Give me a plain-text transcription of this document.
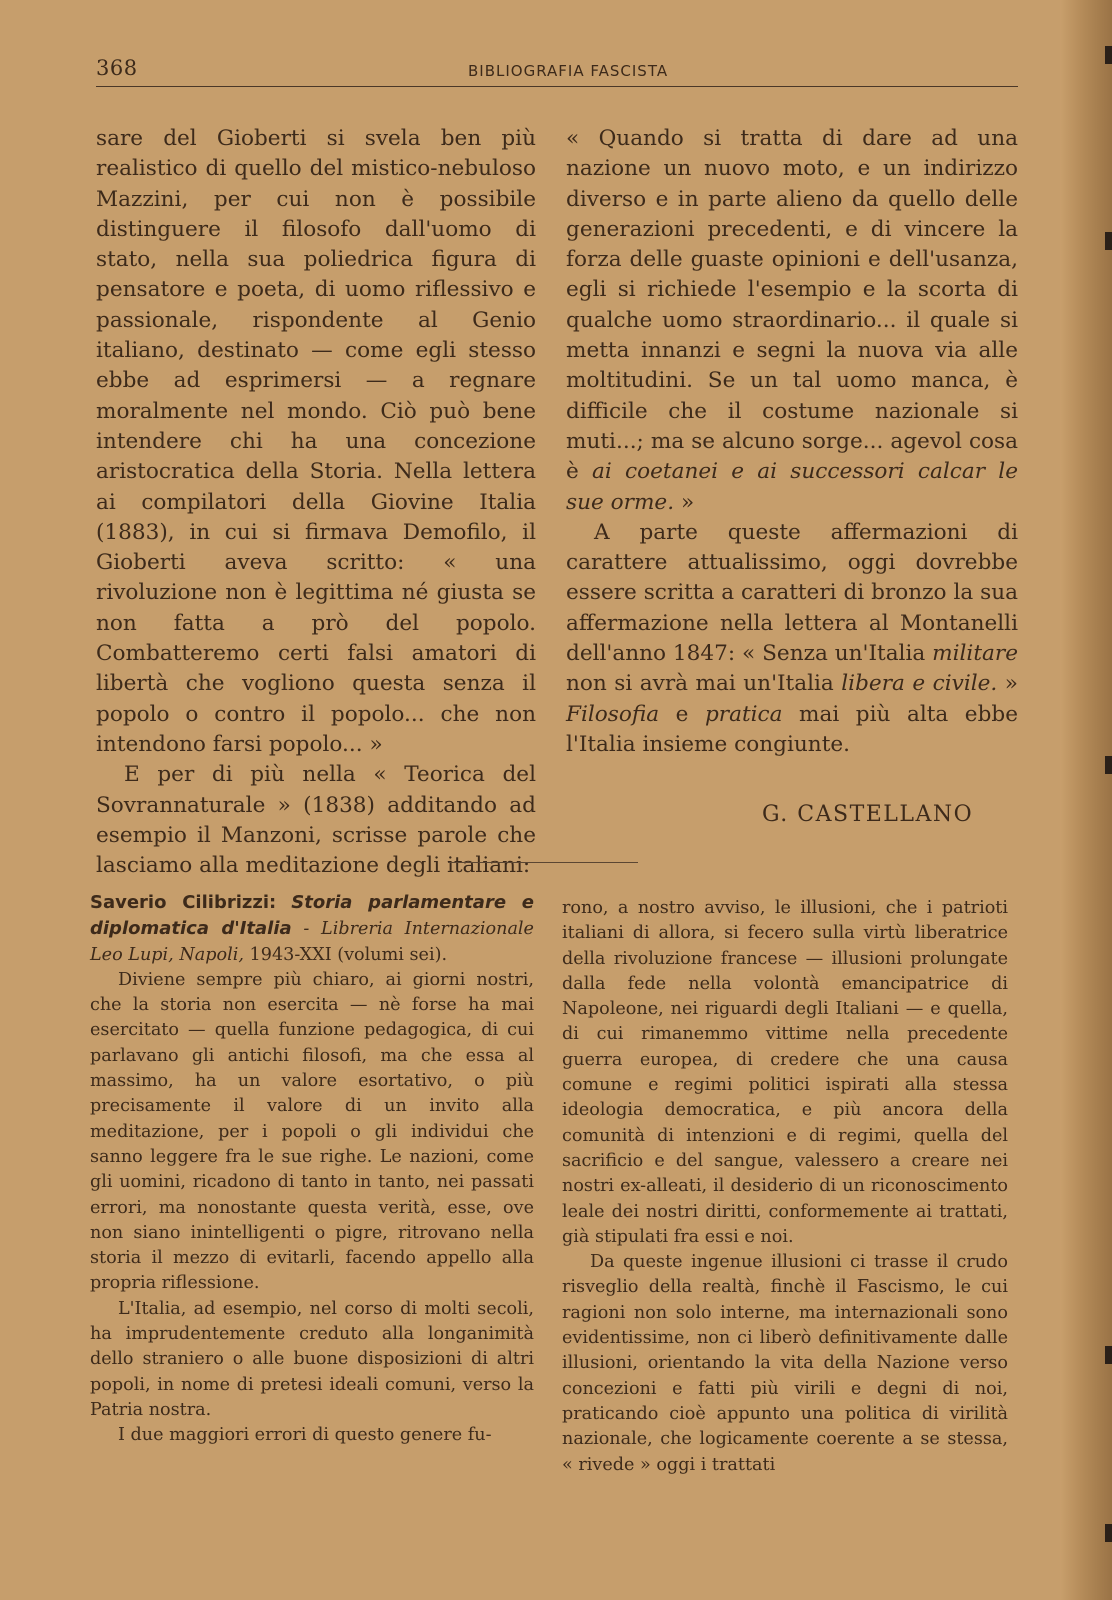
368	BIBLIOGRAFIA FASCISTA

sare del Gioberti si svela ben più realistico di quello del mistico-nebuloso Mazzini, per cui non è possibile distinguere il filosofo dall'uomo di stato, nella sua poliedrica figura di pensatore e poeta, di uomo riflessivo e passionale, rispondente al Genio italiano, destinato — come egli stesso ebbe ad esprimersi — a regnare moralmente nel mondo. Ciò può bene intendere chi ha una concezione aristocratica della Storia. Nella lettera ai compilatori della Giovine Italia (1883), in cui si firmava Demofilo, il Gioberti aveva scritto: « una rivoluzione non è legittima né giusta se non fatta a prò del popolo. Combatteremo certi falsi amatori di libertà che vogliono questa senza il popolo o contro il popolo... che non intendono farsi popolo... »

E per di più nella « Teorica del Sovrannaturale » (1838) additando ad esempio il Manzoni, scrisse parole che lasciamo alla meditazione degli italiani:

« Quando si tratta di dare ad una nazione un nuovo moto, e un indirizzo diverso e in parte alieno da quello delle generazioni precedenti, e di vincere la forza delle guaste opinioni e dell'usanza, egli si richiede l'esempio e la scorta di qualche uomo straordinario... il quale si metta innanzi e segni la nuova via alle moltitudini. Se un tal uomo manca, è difficile che il costume nazionale si muti...; ma se alcuno sorge... agevol cosa è ai coetanei e ai successori calcar le sue orme. »

A parte queste affermazioni di carattere attualissimo, oggi dovrebbe essere scritta a caratteri di bronzo la sua affermazione nella lettera al Montanelli dell'anno 1847: « Senza un'Italia militare non si avrà mai un'Italia libera e civile. » Filosofia e pratica mai più alta ebbe l'Italia insieme congiunte.

G. CASTELLANO

Saverio Cilibrizzi: Storia parlamentare e diplomatica d'Italia - Libreria Internazionale Leo Lupi, Napoli, 1943-XXI (volumi sei).

Diviene sempre più chiaro, ai giorni nostri, che la storia non esercita — nè forse ha mai esercitato — quella funzione pedagogica, di cui parlavano gli antichi filosofi, ma che essa al massimo, ha un valore esortativo, o più precisamente il valore di un invito alla meditazione, per i popoli o gli individui che sanno leggere fra le sue righe. Le nazioni, come gli uomini, ricadono di tanto in tanto, nei passati errori, ma nonostante questa verità, esse, ove non siano inintelligenti o pigre, ritrovano nella storia il mezzo di evitarli, facendo appello alla propria riflessione.

L'Italia, ad esempio, nel corso di molti secoli, ha imprudentemente creduto alla longanimità dello straniero o alle buone disposizioni di altri popoli, in nome di pretesi ideali comuni, verso la Patria nostra.

I due maggiori errori di questo genere fu-

rono, a nostro avviso, le illusioni, che i patrioti italiani di allora, si fecero sulla virtù liberatrice della rivoluzione francese — illusioni prolungate dalla fede nella volontà emancipatrice di Napoleone, nei riguardi degli Italiani — e quella, di cui rimanemmo vittime nella precedente guerra europea, di credere che una causa comune e regimi politici ispirati alla stessa ideologia democratica, e più ancora della comunità di intenzioni e di regimi, quella del sacrificio e del sangue, valessero a creare nei nostri ex-alleati, il desiderio di un riconoscimento leale dei nostri diritti, conformemente ai trattati, già stipulati fra essi e noi.

Da queste ingenue illusioni ci trasse il crudo risveglio della realtà, finchè il Fascismo, le cui ragioni non solo interne, ma internazionali sono evidentissime, non ci liberò definitivamente dalle illusioni, orientando la vita della Nazione verso concezioni e fatti più virili e degni di noi, praticando cioè appunto una politica di virilità nazionale, che logicamente coerente a se stessa, « rivede » oggi i trattati
